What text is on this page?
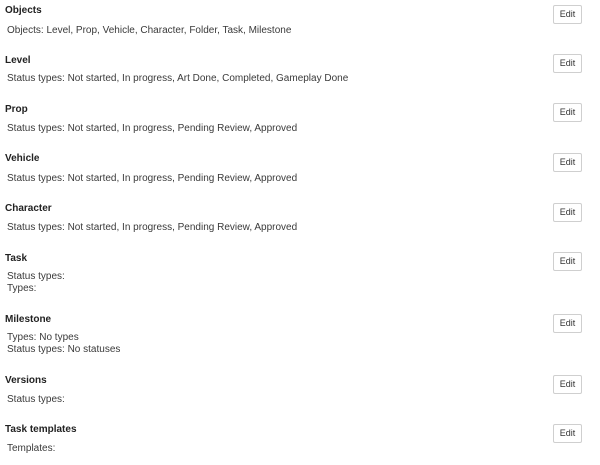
Objects
Objects: Level, Prop, Vehicle, Character, Folder, Task, Milestone
Edit
Level
Status types: Not started, In progress, Art Done, Completed, Gameplay Done
Edit
Prop
Status types: Not started, In progress, Pending Review, Approved
Edit
Vehicle
Status types: Not started, In progress, Pending Review, Approved
Edit
Character
Status types: Not started, In progress, Pending Review, Approved
Edit
Task
Status types:
Types:
Edit
Milestone
Types: No types
Status types: No statuses
Edit
Versions
Status types:
Edit
Task templates
Templates:
Edit
